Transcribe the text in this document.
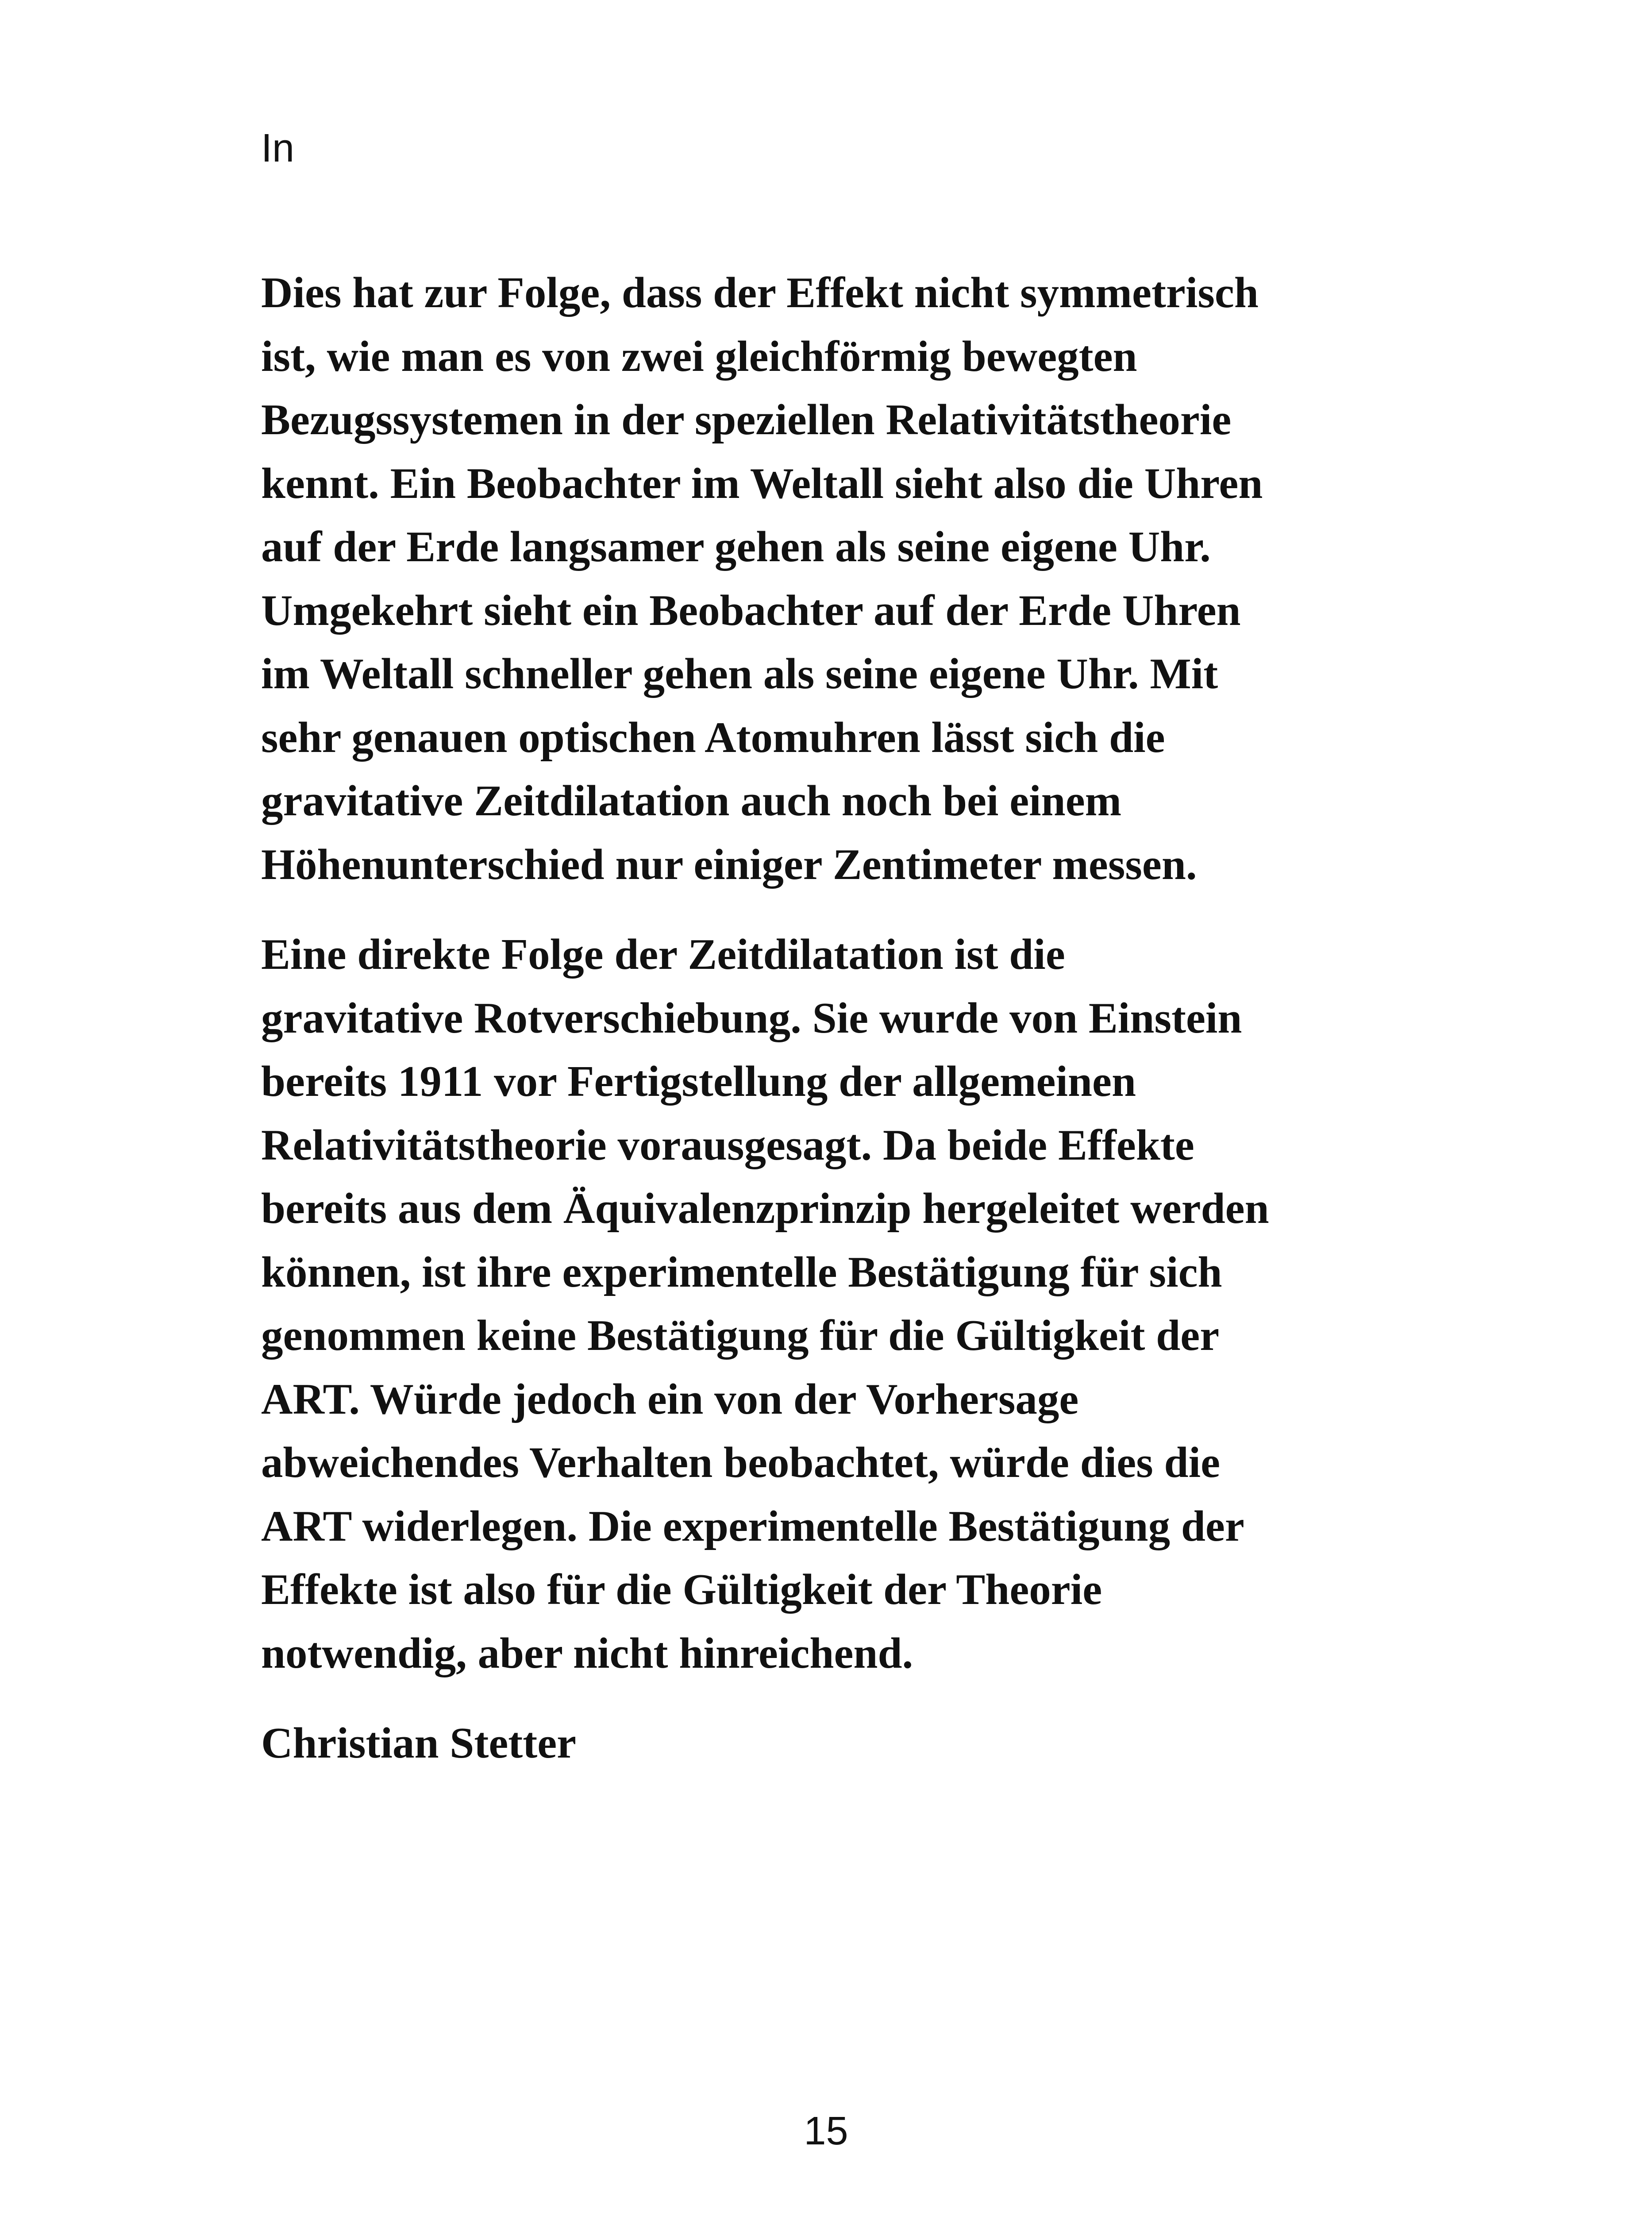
In

Dies hat zur Folge, dass der Effekt nicht symmetrisch
ist, wie man es von zwei gleichförmig bewegten
Bezugssystemen in der speziellen Relativitätstheorie
kennt. Ein Beobachter im Weltall sieht also die Uhren
auf der Erde langsamer gehen als seine eigene Uhr.
Umgekehrt sieht ein Beobachter auf der Erde Uhren
im Weltall schneller gehen als seine eigene Uhr. Mit
sehr genauen optischen Atomuhren lässt sich die
gravitative Zeitdilatation auch noch bei einem
Höhenunterschied nur einiger Zentimeter messen.

Eine direkte Folge der Zeitdilatation ist die
gravitative Rotverschiebung. Sie wurde von Einstein
bereits 1911 vor Fertigstellung der allgemeinen
Relativitätstheorie vorausgesagt. Da beide Effekte
bereits aus dem Äquivalenzprinzip hergeleitet werden
können, ist ihre experimentelle Bestätigung für sich
genommen keine Bestätigung für die Gültigkeit der
ART. Würde jedoch ein von der Vorhersage
abweichendes Verhalten beobachtet, würde dies die
ART widerlegen. Die experimentelle Bestätigung der
Effekte ist also für die Gültigkeit der Theorie
notwendig, aber nicht hinreichend.

Christian Stetter

15
